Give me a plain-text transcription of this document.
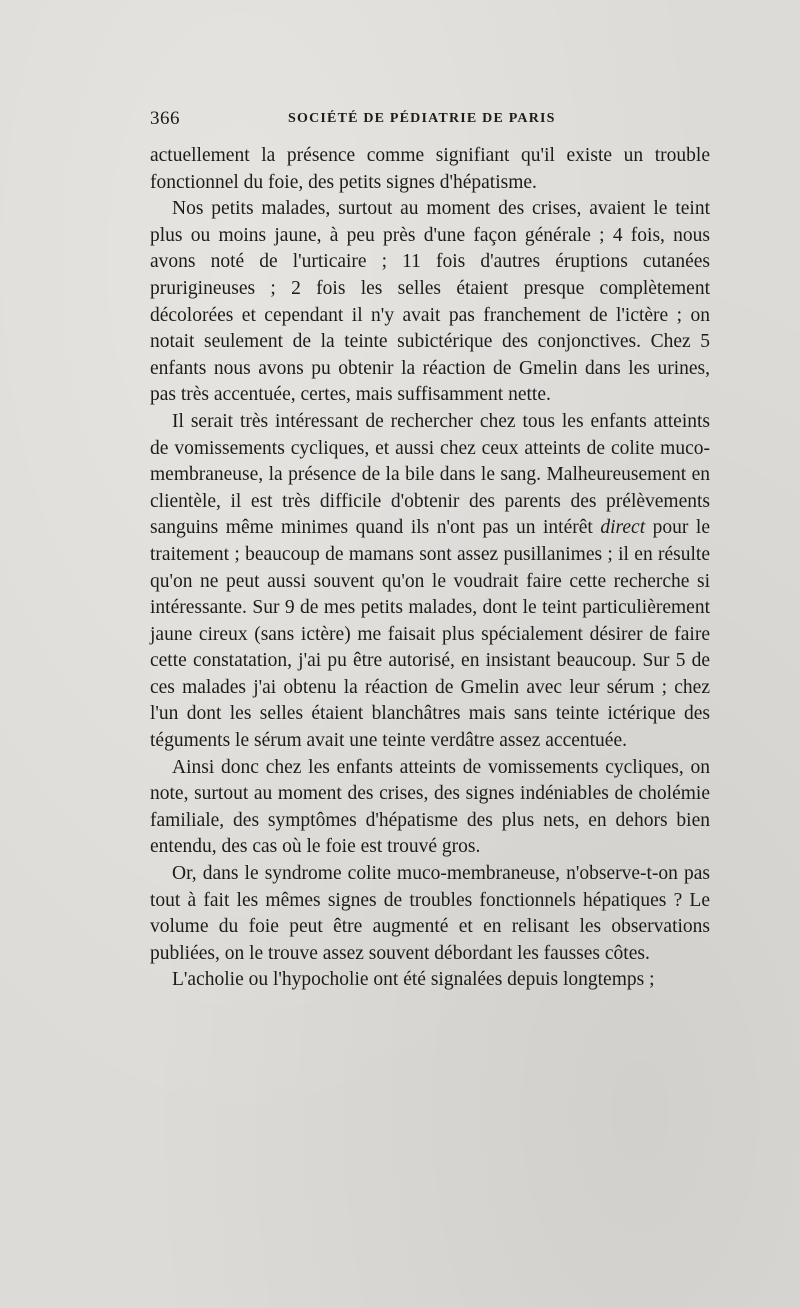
366	SOCIÉTÉ DE PÉDIATRIE DE PARIS

actuellement la présence comme signifiant qu'il existe un trouble fonctionnel du foie, des petits signes d'hépatisme.

Nos petits malades, surtout au moment des crises, avaient le teint plus ou moins jaune, à peu près d'une façon générale ; 4 fois, nous avons noté de l'urticaire ; 11 fois d'autres éruptions cutanées prurigineuses ; 2 fois les selles étaient presque complètement décolorées et cependant il n'y avait pas franchement de l'ictère ; on notait seulement de la teinte subictérique des conjonctives. Chez 5 enfants nous avons pu obtenir la réaction de Gmelin dans les urines, pas très accentuée, certes, mais suffisamment nette.

Il serait très intéressant de rechercher chez tous les enfants atteints de vomissements cycliques, et aussi chez ceux atteints de colite muco-membraneuse, la présence de la bile dans le sang. Malheureusement en clientèle, il est très difficile d'obtenir des parents des prélèvements sanguins même minimes quand ils n'ont pas un intérêt direct pour le traitement ; beaucoup de mamans sont assez pusillanimes ; il en résulte qu'on ne peut aussi souvent qu'on le voudrait faire cette recherche si intéressante. Sur 9 de mes petits malades, dont le teint particulièrement jaune cireux (sans ictère) me faisait plus spécialement désirer de faire cette constatation, j'ai pu être autorisé, en insistant beaucoup. Sur 5 de ces malades j'ai obtenu la réaction de Gmelin avec leur sérum ; chez l'un dont les selles étaient blanchâtres mais sans teinte ictérique des téguments le sérum avait une teinte verdâtre assez accentuée.

Ainsi donc chez les enfants atteints de vomissements cycliques, on note, surtout au moment des crises, des signes indéniables de cholémie familiale, des symptômes d'hépatisme des plus nets, en dehors bien entendu, des cas où le foie est trouvé gros.

Or, dans le syndrome colite muco-membraneuse, n'observe-t-on pas tout à fait les mêmes signes de troubles fonctionnels hépatiques ? Le volume du foie peut être augmenté et en relisant les observations publiées, on le trouve assez souvent débordant les fausses côtes.

L'acholie ou l'hypocholie ont été signalées depuis longtemps ;
